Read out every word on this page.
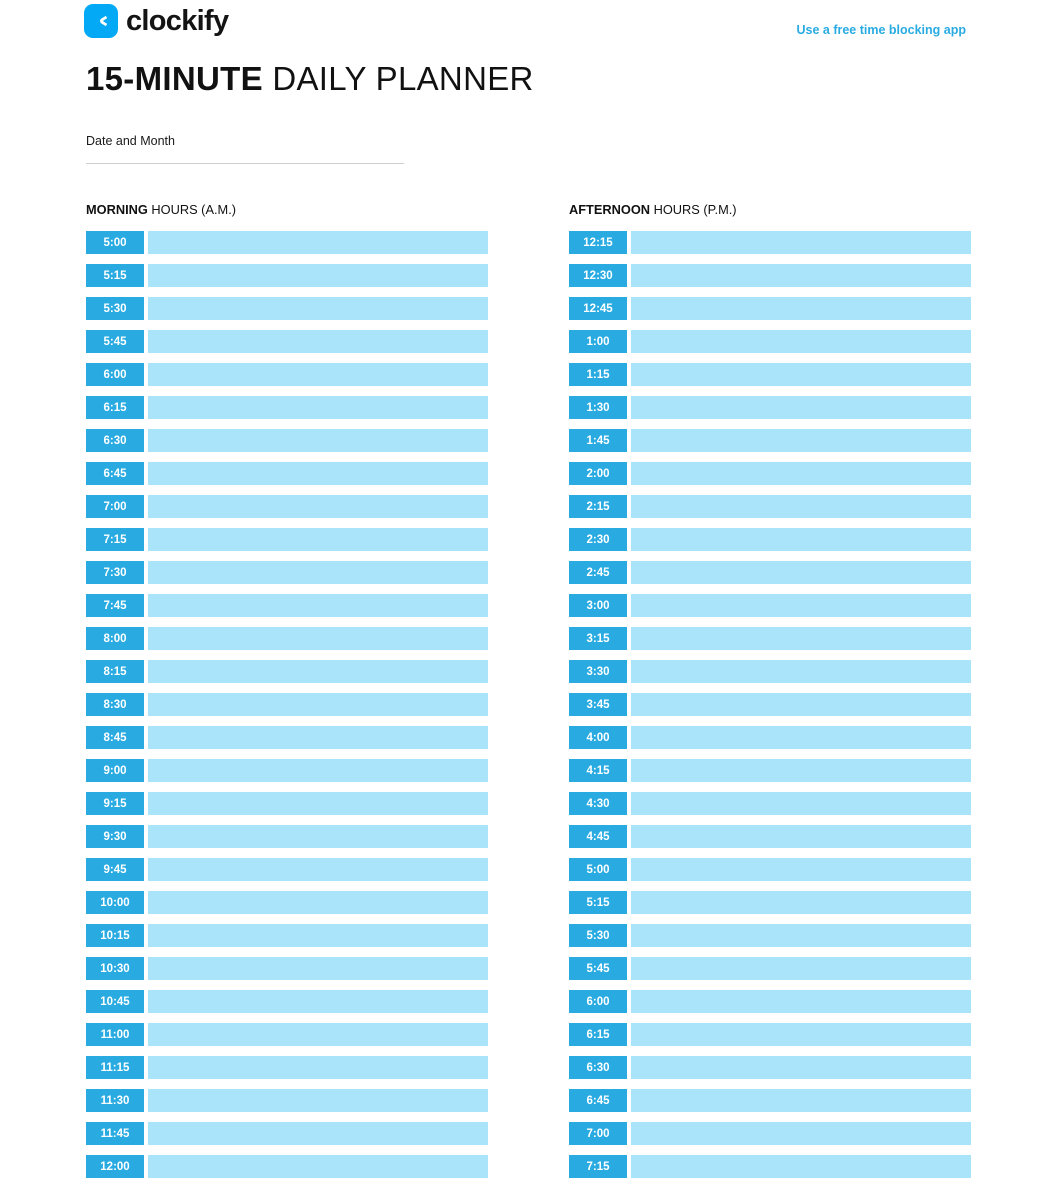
clockify	Use a free time blocking app
15-MINUTE DAILY PLANNER
Date and Month
MORNING HOURS (A.M.)
5:00
5:15
5:30
5:45
6:00
6:15
6:30
6:45
7:00
7:15
7:30
7:45
8:00
8:15
8:30
8:45
9:00
9:15
9:30
9:45
10:00
10:15
10:30
10:45
11:00
11:15
11:30
11:45
12:00
AFTERNOON HOURS (P.M.)
12:15
12:30
12:45
1:00
1:15
1:30
1:45
2:00
2:15
2:30
2:45
3:00
3:15
3:30
3:45
4:00
4:15
4:30
4:45
5:00
5:15
5:30
5:45
6:00
6:15
6:30
6:45
7:00
7:15
